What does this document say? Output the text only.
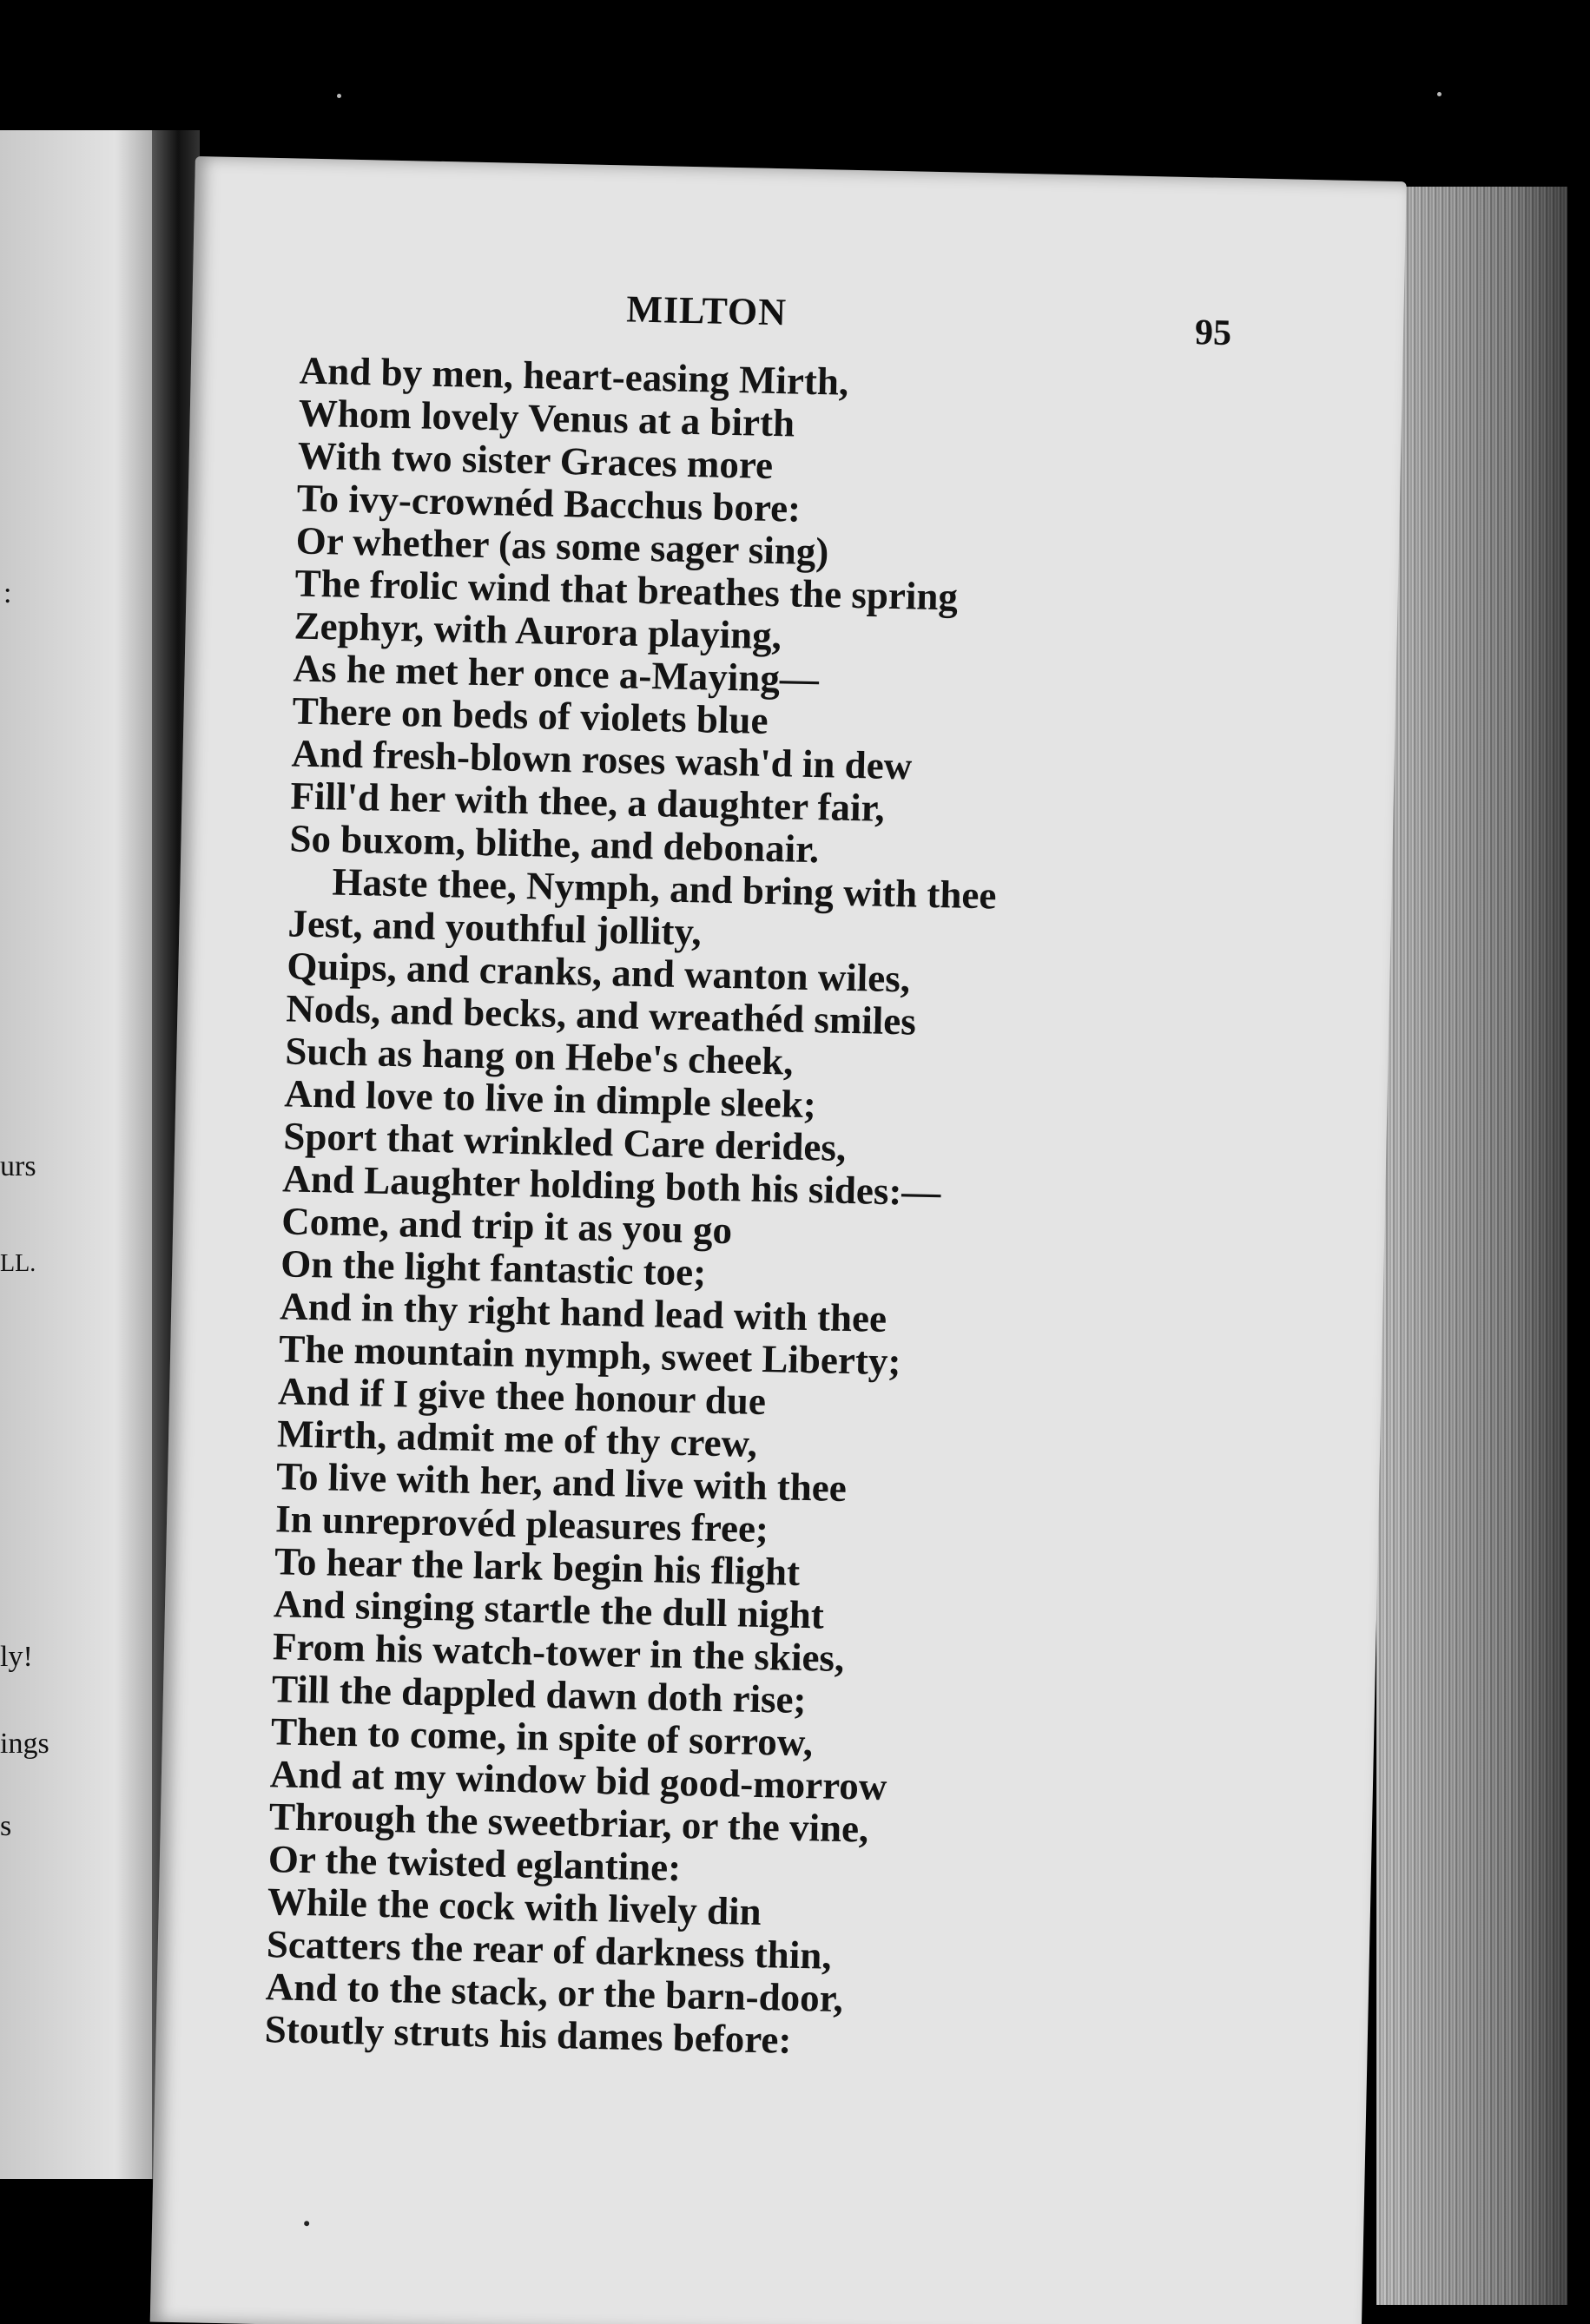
:
urs
LL.
ly!
ings
s
MILTON	95
And by men, heart-easing Mirth,
Whom lovely Venus at a birth
With two sister Graces more
To ivy-crownéd Bacchus bore:
Or whether (as some sager sing)
The frolic wind that breathes the spring
Zephyr, with Aurora playing,
As he met her once a-Maying—
There on beds of violets blue
And fresh-blown roses wash'd in dew
Fill'd her with thee, a daughter fair,
So buxom, blithe, and debonair.
Haste thee, Nymph, and bring with thee
Jest, and youthful jollity,
Quips, and cranks, and wanton wiles,
Nods, and becks, and wreathéd smiles
Such as hang on Hebe's cheek,
And love to live in dimple sleek;
Sport that wrinkled Care derides,
And Laughter holding both his sides:—
Come, and trip it as you go
On the light fantastic toe;
And in thy right hand lead with thee
The mountain nymph, sweet Liberty;
And if I give thee honour due
Mirth, admit me of thy crew,
To live with her, and live with thee
In unreprovéd pleasures free;
To hear the lark begin his flight
And singing startle the dull night
From his watch-tower in the skies,
Till the dappled dawn doth rise;
Then to come, in spite of sorrow,
And at my window bid good-morrow
Through the sweetbriar, or the vine,
Or the twisted eglantine:
While the cock with lively din
Scatters the rear of darkness thin,
And to the stack, or the barn-door,
Stoutly struts his dames before:
